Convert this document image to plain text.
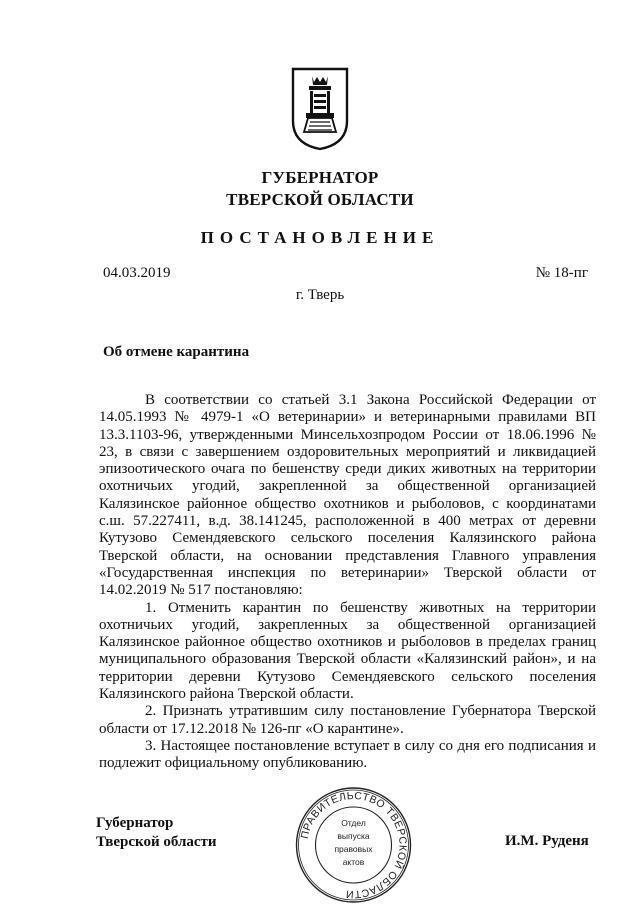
ГУБЕРНАТОР
ТВЕРСКОЙ ОБЛАСТИ
ПОСТАНОВЛЕНИЕ
04.03.2019	№ 18-пг
г. Тверь
Об отмене карантина

В соответствии со статьей 3.1 Закона Российской Федерации от 14.05.1993 № 4979-1 «О ветеринарии» и ветеринарными правилами ВП 13.3.1103-96, утвержденными Минсельхозпродом России от 18.06.1996 № 23, в связи с завершением оздоровительных мероприятий и ликвидацией эпизоотического очага по бешенству среди диких животных на территории охотничьих угодий, закрепленной за общественной организацией Калязинское районное общество охотников и рыболовов, с координатами с.ш. 57.227411, в.д. 38.141245, расположенной в 400 метрах от деревни Кутузово Семендяевского сельского поселения Калязинского района Тверской области, на основании представления Главного управления «Государственная инспекция по ветеринарии» Тверской области от 14.02.2019 № 517 постановляю:

1. Отменить карантин по бешенству животных на территории охотничьих угодий, закрепленных за общественной организацией Калязинское районное общество охотников и рыболовов в пределах границ муниципального образования Тверской области «Калязинский район», и на территории деревни Кутузово Семендяевского сельского поселения Калязинского района Тверской области.

2. Признать утратившим силу постановление Губернатора Тверской области от 17.12.2018 № 126-пг «О карантине».

3. Настоящее постановление вступает в силу со дня его подписания и подлежит официальному опубликованию.

Губернатор
Тверской области	И.М. Руденя
ПРАВИТЕЛЬСТВО ТВЕРСКОЙ ОБЛАСТИ
Отдел
выпуска
правовых
актов
